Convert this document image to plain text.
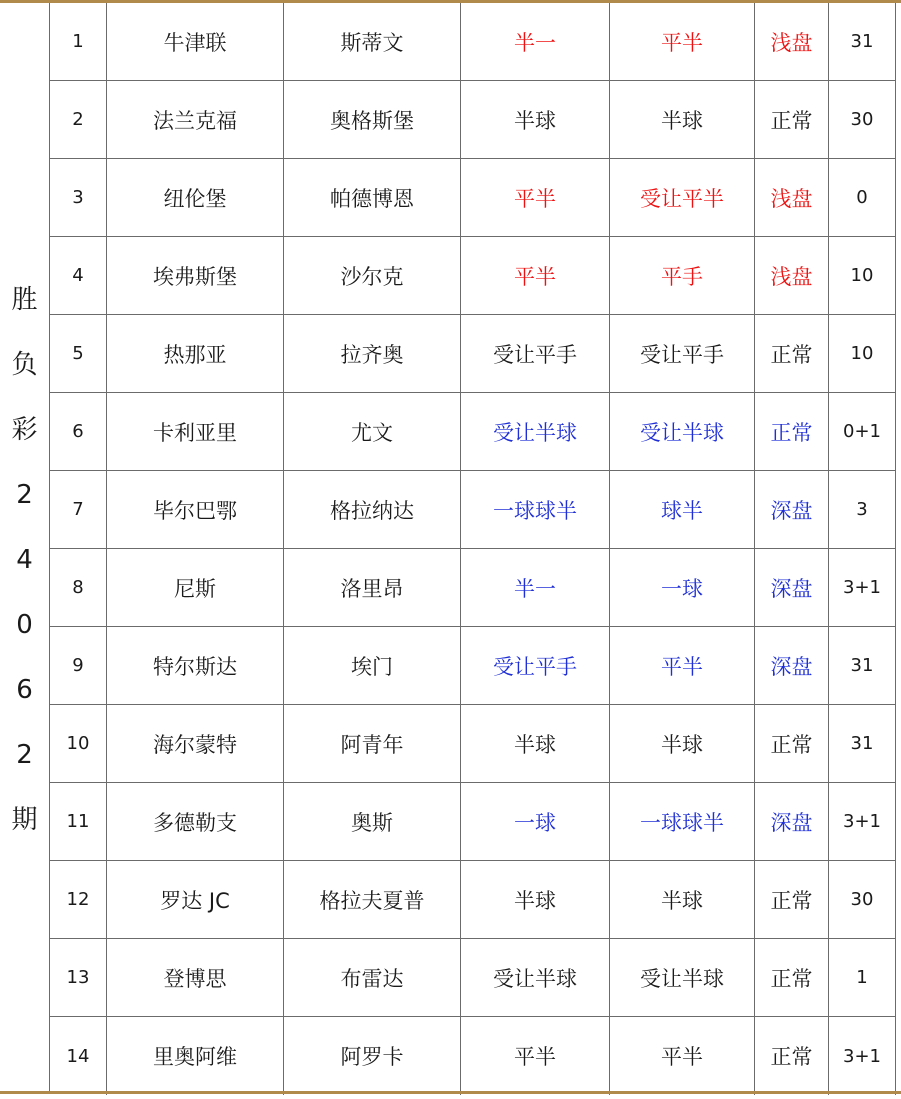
胜
负
彩
2
4
0
6
2
期
1	牛津联	斯蒂文	半一	平半	浅盘	31
2	法兰克福	奥格斯堡	半球	半球	正常	30
3	纽伦堡	帕德博恩	平半	受让平半	浅盘	0
4	埃弗斯堡	沙尔克	平半	平手	浅盘	10
5	热那亚	拉齐奥	受让平手	受让平手	正常	10
6	卡利亚里	尤文	受让半球	受让半球	正常	0+1
7	毕尔巴鄂	格拉纳达	一球球半	球半	深盘	3
8	尼斯	洛里昂	半一	一球	深盘	3+1
9	特尔斯达	埃门	受让平手	平半	深盘	31
10	海尔蒙特	阿青年	半球	半球	正常	31
11	多德勒支	奥斯	一球	一球球半	深盘	3+1
12	罗达 JC	格拉夫夏普	半球	半球	正常	30
13	登博思	布雷达	受让半球	受让半球	正常	1
14	里奥阿维	阿罗卡	平半	平半	正常	3+1
